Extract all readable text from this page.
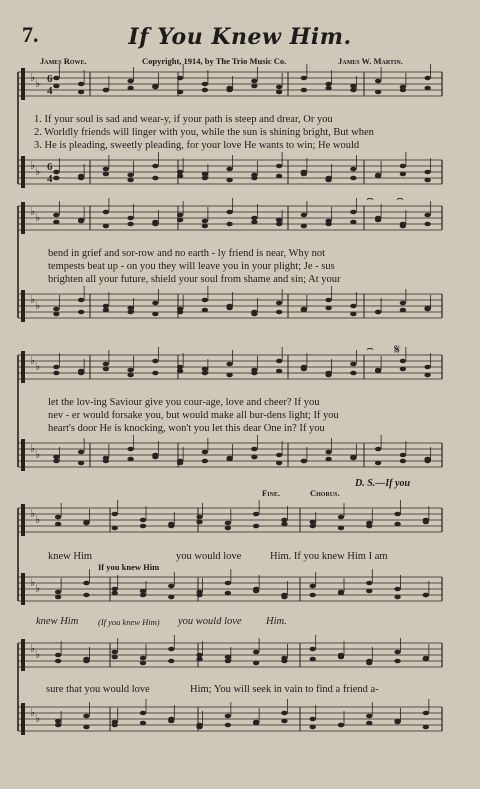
7.	If You Knew Him.
James Rowe.	Copyright, 1914, by The Trio Music Co.	James W. Martin.
♭ ♭
♭ ♭
♭ ♭
♭ ♭
♭ ♭
♭ ♭
♭ ♭
♭ ♭
♭ ♭
♭ ♭
6
4
6
4
⌢ ⌢
⌢ 𝄋
1. If your soul is sad and wear-y, if your path is steep and drear, Or you
2. Worldly friends will linger with you, while the sun is shining bright, But when
3. He is pleading, sweetly pleading, for your love He wants to win; He would
bend in grief and sor-row and no earth - ly friend is near, Why not
tempests beat up - on you they will leave you in your plight; Je - sus
brighten all your future, shield your soul from shame and sin; At your
let the lov-ing Saviour give you cour-age, love and cheer? If you
nev - er would forsake you, but would make all bur-dens light; If you
heart's door He is knocking, won't you let this dear One in? If you
D. S.—If you
Fine.	Chorus.
knew Him	you would love	Him. If you knew Him I am
If you knew Him
knew Him (If you knew Him) you would love Him.
sure that you would love	Him; You will seek in vain to find a friend a-
